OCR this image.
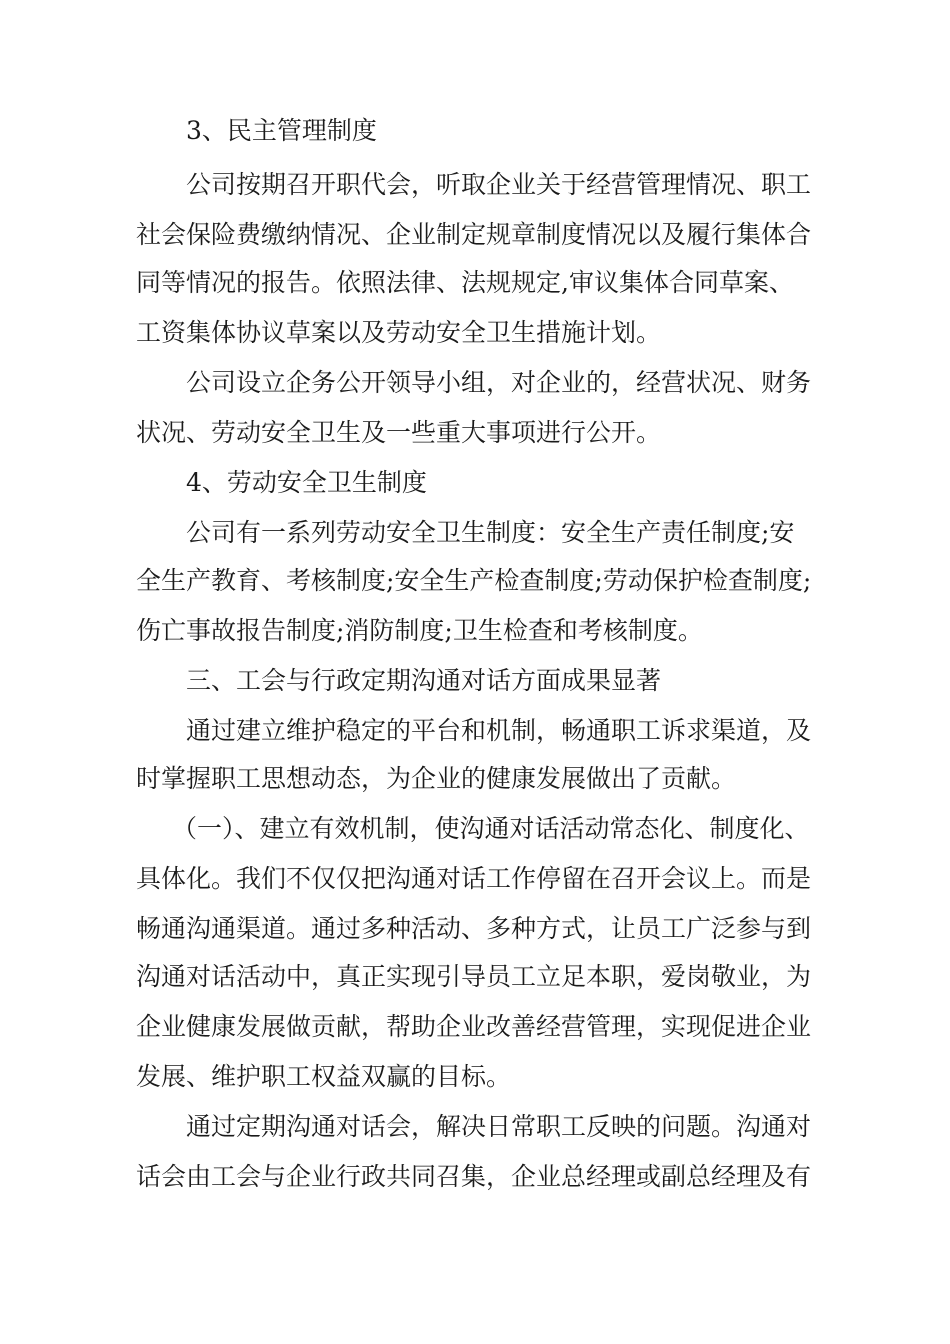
3、民主管理制度
公司按期召开职代会，听取企业关于经营管理情况、职工
社会保险费缴纳情况、企业制定规章制度情况以及履行集体合
同等情况的报告。依照法律、法规规定,审议集体合同草案、
工资集体协议草案以及劳动安全卫生措施计划。
公司设立企务公开领导小组，对企业的，经营状况、财务
状况、劳动安全卫生及一些重大事项进行公开。
4、劳动安全卫生制度
公司有一系列劳动安全卫生制度：安全生产责任制度;安
全生产教育、考核制度;安全生产检查制度;劳动保护检查制度;
伤亡事故报告制度;消防制度;卫生检查和考核制度。
三、工会与行政定期沟通对话方面成果显著
通过建立维护稳定的平台和机制，畅通职工诉求渠道，及
时掌握职工思想动态，为企业的健康发展做出了贡献。
（一）、建立有效机制，使沟通对话活动常态化、制度化、
具体化。我们不仅仅把沟通对话工作停留在召开会议上。而是
畅通沟通渠道。通过多种活动、多种方式，让员工广泛参与到
沟通对话活动中，真正实现引导员工立足本职，爱岗敬业，为
企业健康发展做贡献，帮助企业改善经营管理，实现促进企业
发展、维护职工权益双赢的目标。
通过定期沟通对话会，解决日常职工反映的问题。沟通对
话会由工会与企业行政共同召集，企业总经理或副总经理及有
